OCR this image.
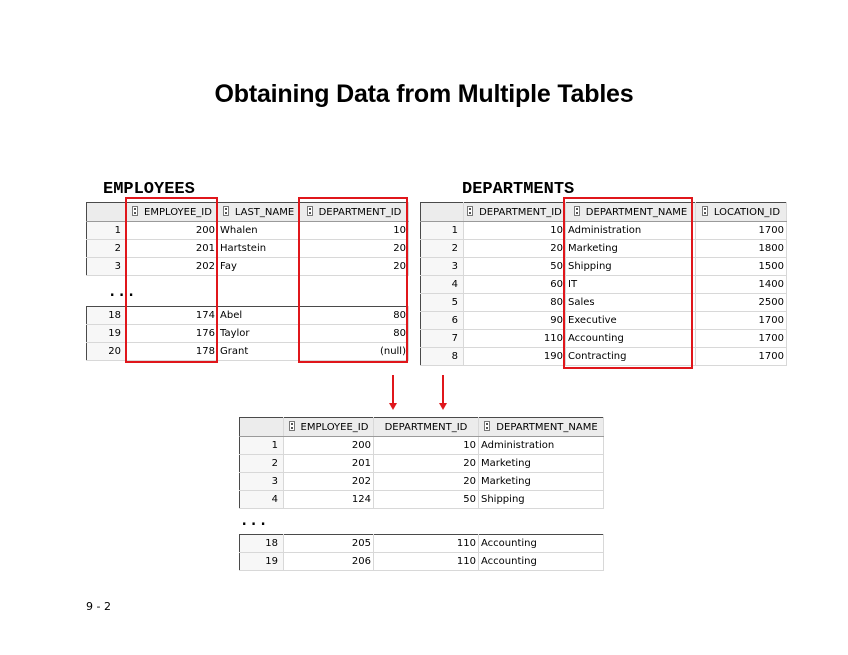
Obtaining Data from Multiple Tables
EMPLOYEES
	EMPLOYEE_ID	LAST_NAME	DEPARTMENT_ID
1	200	Whalen	10
2	201	Hartstein	20
3	202	Fay	20
...
18	174	Abel	80
19	176	Taylor	80
20	178	Grant	(null)
DEPARTMENTS
	DEPARTMENT_ID	DEPARTMENT_NAME	LOCATION_ID
1	10	Administration	1700
2	20	Marketing	1800
3	50	Shipping	1500
4	60	IT	1400
5	80	Sales	2500
6	90	Executive	1700
7	110	Accounting	1700
8	190	Contracting	1700
	EMPLOYEE_ID	DEPARTMENT_ID	DEPARTMENT_NAME
1	200	10	Administration
2	201	20	Marketing
3	202	20	Marketing
4	124	50	Shipping
...
18	205	110	Accounting
19	206	110	Accounting
9 - 2
